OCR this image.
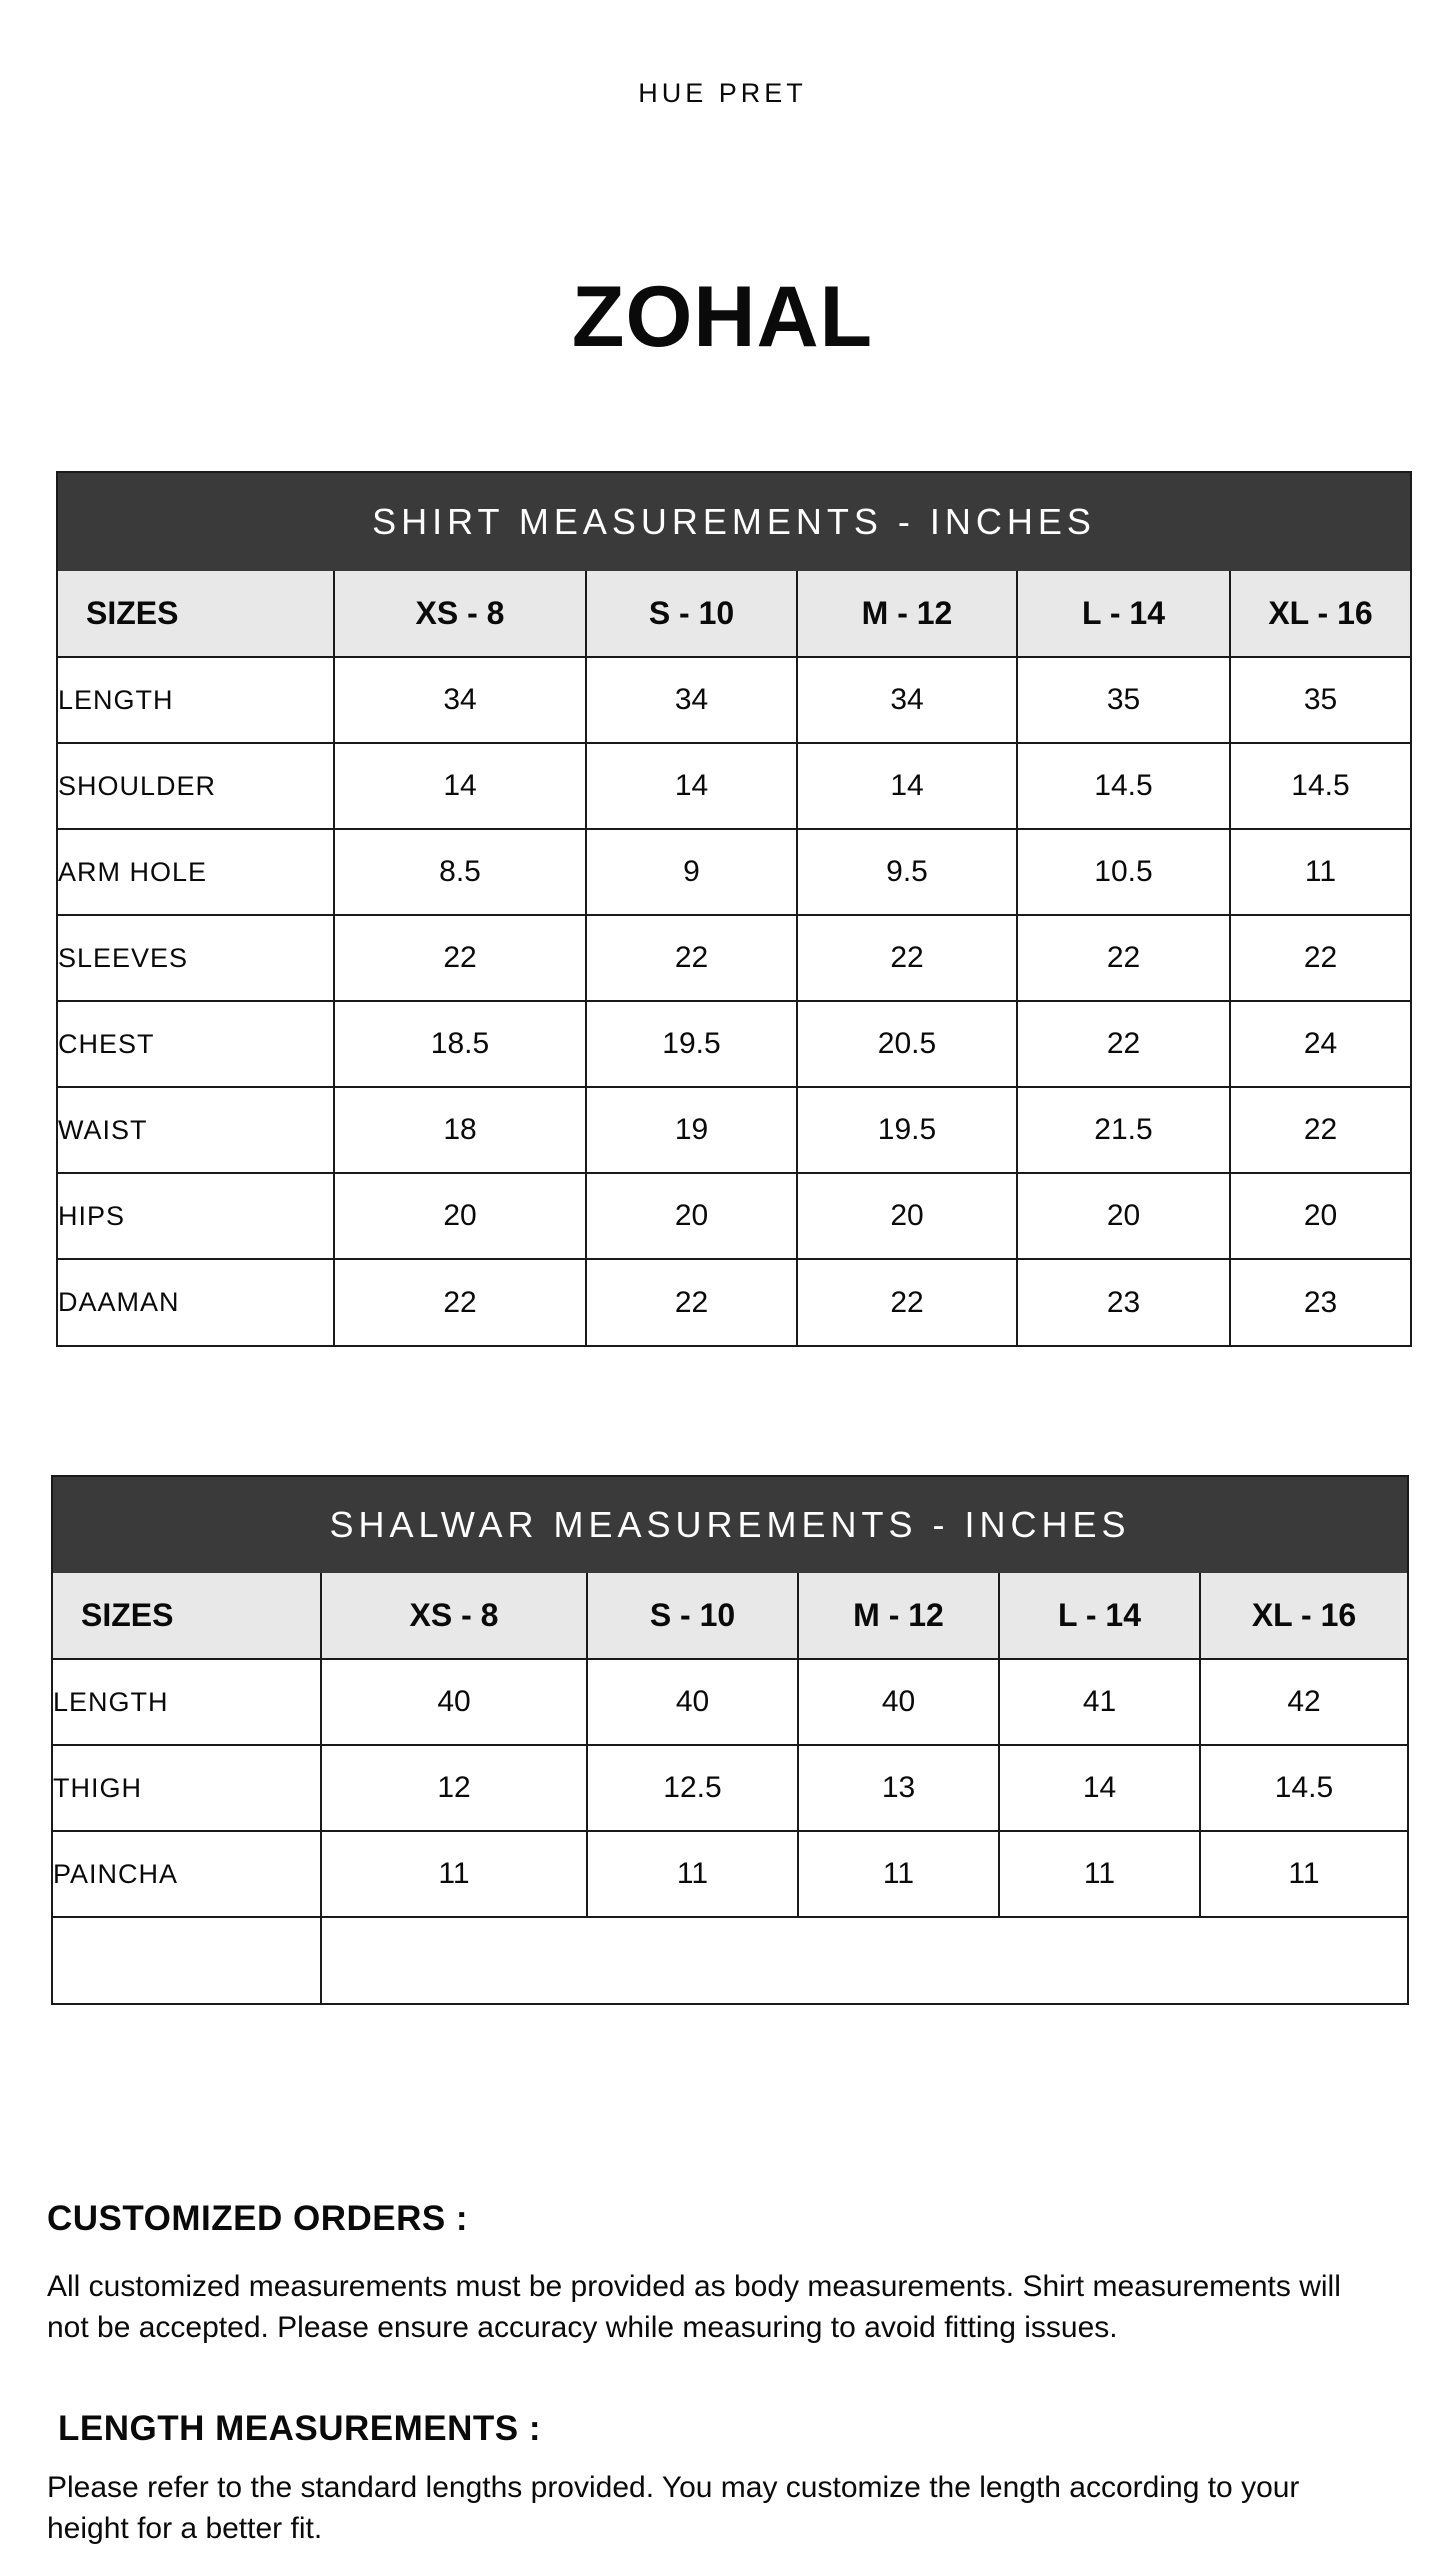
HUE PRET
ZOHAL
SHIRT MEASUREMENTS - INCHES
SIZES	XS - 8	S - 10	M - 12	L - 14	XL - 16
LENGTH	34	34	34	35	35
SHOULDER	14	14	14	14.5	14.5
ARM HOLE	8.5	9	9.5	10.5	11
SLEEVES	22	22	22	22	22
CHEST	18.5	19.5	20.5	22	24
WAIST	18	19	19.5	21.5	22
HIPS	20	20	20	20	20
DAAMAN	22	22	22	23	23
SHALWAR MEASUREMENTS - INCHES
SIZES	XS - 8	S - 10	M - 12	L - 14	XL - 16
LENGTH	40	40	40	41	42
THIGH	12	12.5	13	14	14.5
PAINCHA	11	11	11	11	11

CUSTOMIZED ORDERS :
All customized measurements must be provided as body measurements. Shirt measurements will not be accepted. Please ensure accuracy while measuring to avoid fitting issues.
LENGTH MEASUREMENTS :
Please refer to the standard lengths provided. You may customize the length according to your height for a better fit.
